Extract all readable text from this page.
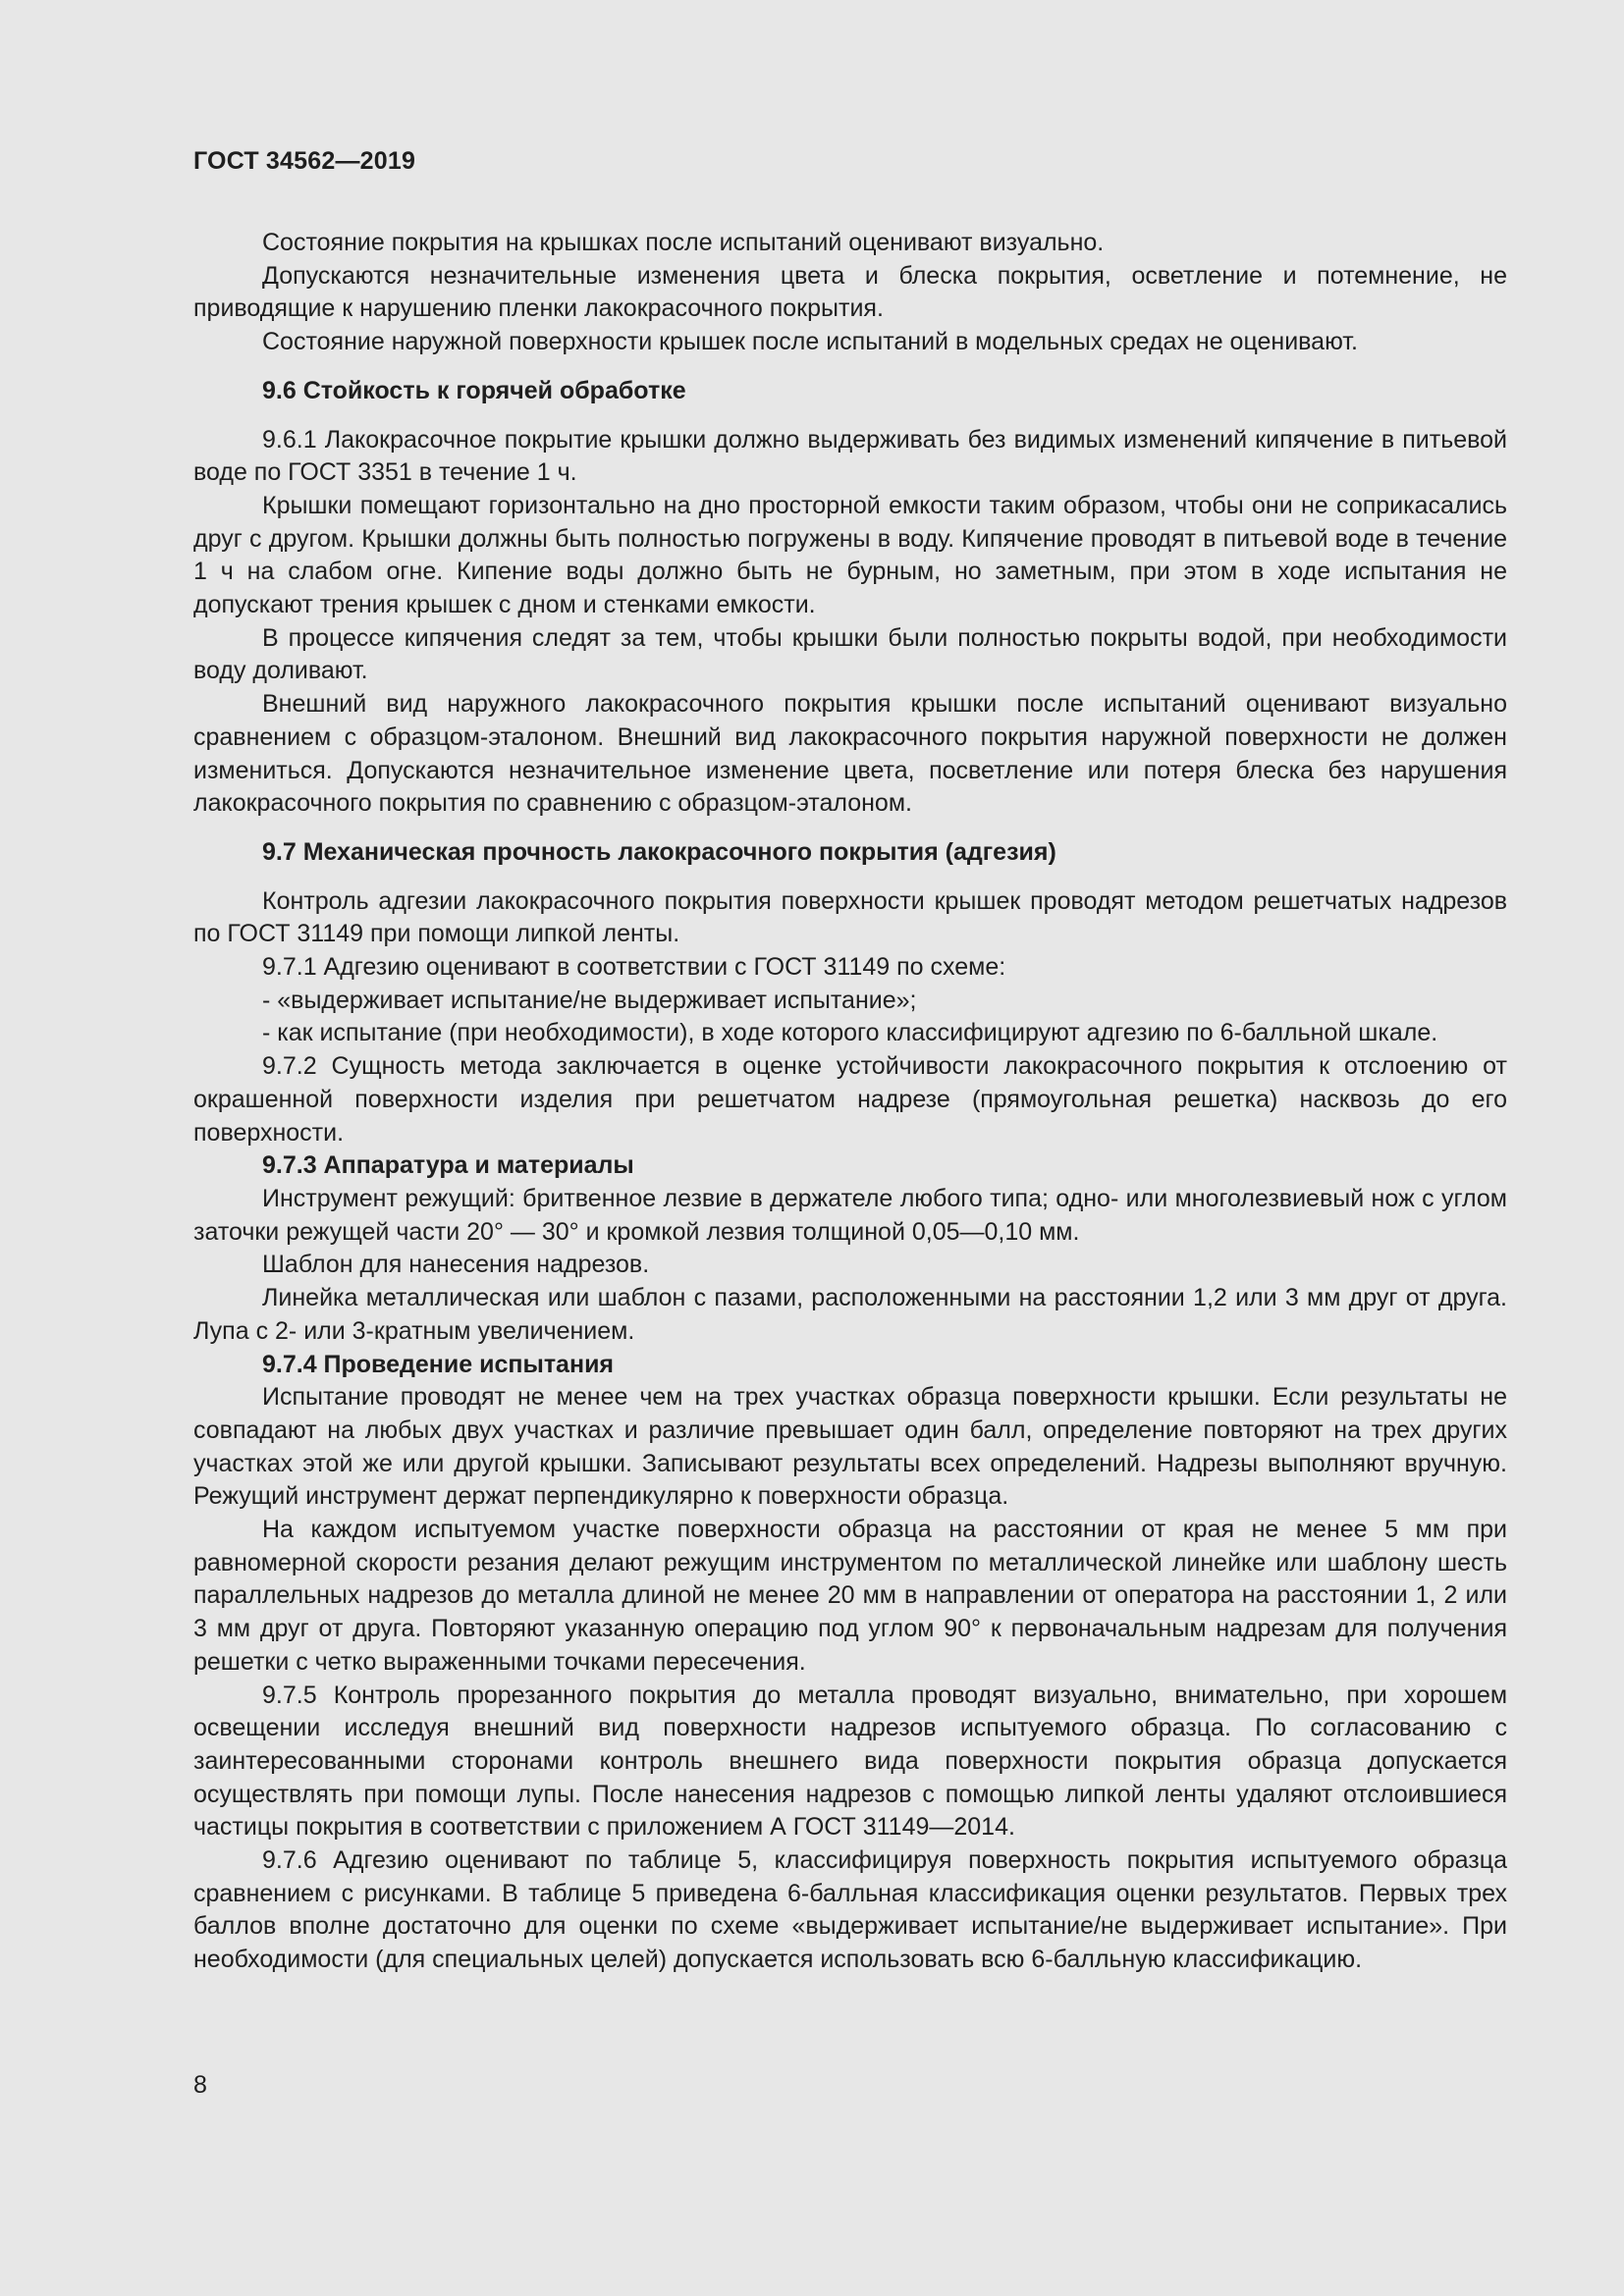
ГОСТ 34562—2019

Состояние покрытия на крышках после испытаний оценивают визуально.

Допускаются незначительные изменения цвета и блеска покрытия, осветление и потемнение, не приводящие к нарушению пленки лакокрасочного покрытия.

Состояние наружной поверхности крышек после испытаний в модельных средах не оценивают.

9.6 Стойкость к горячей обработке

9.6.1 Лакокрасочное покрытие крышки должно выдерживать без видимых изменений кипячение в питьевой воде по ГОСТ 3351 в течение 1 ч.

Крышки помещают горизонтально на дно просторной емкости таким образом, чтобы они не соприкасались друг с другом. Крышки должны быть полностью погружены в воду. Кипячение проводят в питьевой воде в течение 1 ч на слабом огне. Кипение воды должно быть не бурным, но заметным, при этом в ходе испытания не допускают трения крышек с дном и стенками емкости.

В процессе кипячения следят за тем, чтобы крышки были полностью покрыты водой, при необходимости воду доливают.

Внешний вид наружного лакокрасочного покрытия крышки после испытаний оценивают визуально сравнением с образцом-эталоном. Внешний вид лакокрасочного покрытия наружной поверхности не должен измениться. Допускаются незначительное изменение цвета, посветление или потеря блеска без нарушения лакокрасочного покрытия по сравнению с образцом-эталоном.

9.7 Механическая прочность лакокрасочного покрытия (адгезия)

Контроль адгезии лакокрасочного покрытия поверхности крышек проводят методом решетчатых надрезов по ГОСТ 31149 при помощи липкой ленты.

9.7.1 Адгезию оценивают в соответствии с ГОСТ 31149 по схеме:

- «выдерживает испытание/не выдерживает испытание»;

- как испытание (при необходимости), в ходе которого классифицируют адгезию по 6-балльной шкале.

9.7.2 Сущность метода заключается в оценке устойчивости лакокрасочного покрытия к отслоению от окрашенной поверхности изделия при решетчатом надрезе (прямоугольная решетка) насквозь до его поверхности.

9.7.3 Аппаратура и материалы

Инструмент режущий: бритвенное лезвие в держателе любого типа; одно- или многолезвиевый нож с углом заточки режущей части 20° — 30° и кромкой лезвия толщиной 0,05—0,10 мм.

Шаблон для нанесения надрезов.

Линейка металлическая или шаблон с пазами, расположенными на расстоянии 1,2 или 3 мм друг от друга. Лупа с 2- или 3-кратным увеличением.

9.7.4 Проведение испытания

Испытание проводят не менее чем на трех участках образца поверхности крышки. Если результаты не совпадают на любых двух участках и различие превышает один балл, определение повторяют на трех других участках этой же или другой крышки. Записывают результаты всех определений. Надрезы выполняют вручную. Режущий инструмент держат перпендикулярно к поверхности образца.

На каждом испытуемом участке поверхности образца на расстоянии от края не менее 5 мм при равномерной скорости резания делают режущим инструментом по металлической линейке или шаблону шесть параллельных надрезов до металла длиной не менее 20 мм в направлении от оператора на расстоянии 1, 2 или 3 мм друг от друга. Повторяют указанную операцию под углом 90° к первоначальным надрезам для получения решетки с четко выраженными точками пересечения.

9.7.5 Контроль прорезанного покрытия до металла проводят визуально, внимательно, при хорошем освещении исследуя внешний вид поверхности надрезов испытуемого образца. По согласованию с заинтересованными сторонами контроль внешнего вида поверхности покрытия образца допускается осуществлять при помощи лупы. После нанесения надрезов с помощью липкой ленты удаляют отслоившиеся частицы покрытия в соответствии с приложением А ГОСТ 31149—2014.

9.7.6 Адгезию оценивают по таблице 5, классифицируя поверхность покрытия испытуемого образца сравнением с рисунками. В таблице 5 приведена 6-балльная классификация оценки результатов. Первых трех баллов вполне достаточно для оценки по схеме «выдерживает испытание/не выдерживает испытание». При необходимости (для специальных целей) допускается использовать всю 6-балльную классификацию.

8
